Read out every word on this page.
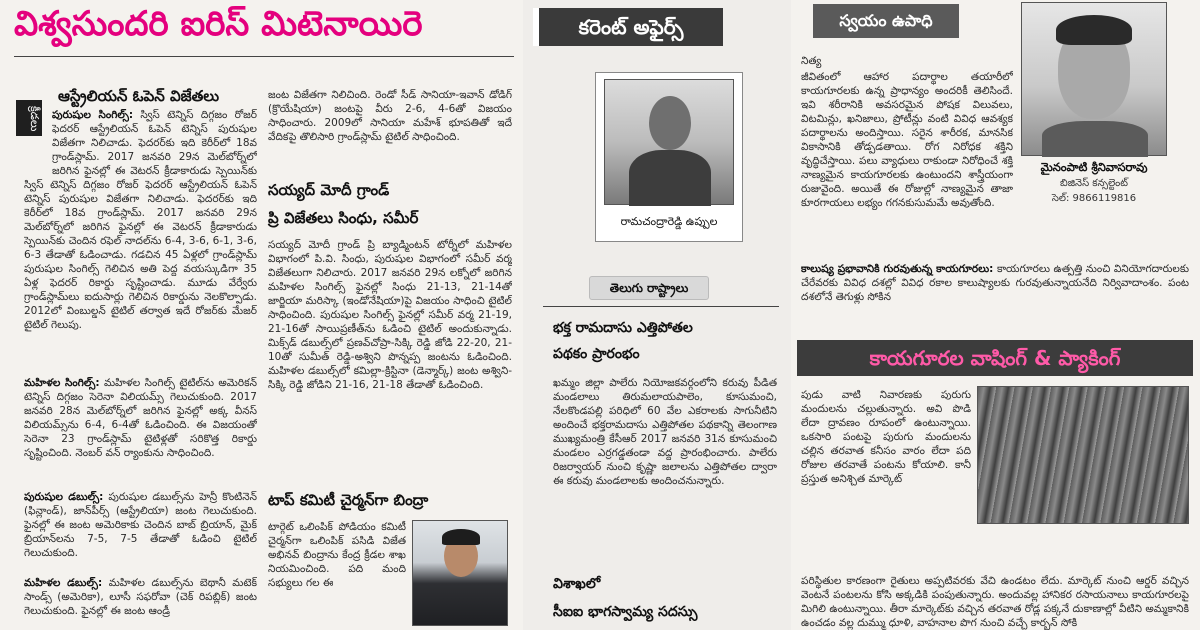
విశ్వసుందరి ఐరిస్ మిటెనాయిరె
క్రీడలు
ఆస్ట్రేలియన్ ఓపెన్ విజేతలు
పురుషుల సింగిల్స్: స్విస్ టెన్నిస్ దిగ్గజం రోజర్ ఫెదరర్ ఆస్ట్రేలియన్ ఓపెన్ టెన్నిస్ పురుషుల విజేతగా నిలిచాడు. ఫెదరర్‌కు ఇది కెరీర్‌లో 18వ గ్రాండ్‌స్లామ్. 2017 జనవరి 29న మెల్‌బోర్న్‌లో జరిగిన ఫైనల్లో ఈ వెటరన్ క్రీడాకారుడు స్పెయిన్‌కు
స్విస్ టెన్నిస్ దిగ్గజం రోజర్ ఫెదరర్ ఆస్ట్రేలియన్ ఓపెన్ టెన్నిస్ పురుషుల విజేతగా నిలిచాడు. ఫెదరర్‌కు ఇది కెరీర్‌లో 18వ గ్రాండ్‌స్లామ్. 2017 జనవరి 29న మెల్‌బోర్న్‌లో జరిగిన ఫైనల్లో ఈ వెటరన్ క్రీడాకారుడు స్పెయిన్‌కు చెందిన రఫెల్ నాదల్‌ను 6-4, 3-6, 6-1, 3-6, 6-3 తేడాతో ఓడించాడు. గడచిన 45 ఏళ్లలో గ్రాండ్‌స్లామ్ పురుషుల సింగిల్స్ గెలిచిన అతి పెద్ద వయస్కుడిగా 35 ఏళ్ల ఫెదరర్ రికార్డు సృష్టించాడు. మూడు వేర్వేరు గ్రాండ్‌స్లామ్‌లు ఐదుసార్లు గెలిచిన రికార్డును నెలకొల్పాడు. 2012లో వింబుల్డన్ టైటిల్ తర్వాత ఇదే రోజర్‌కు మేజర్ టైటిల్ గెలుపు.
మహిళల సింగిల్స్: మహిళల సింగిల్స్ టైటిల్‌ను అమెరికన్ టెన్నిస్ దిగ్గజం సెరెనా విలియమ్స్ గెలుచుకుంది. 2017 జనవరి 28న మెల్‌బోర్న్‌లో జరిగిన ఫైనల్లో అక్క వీనస్ విలియమ్స్‌ను 6-4, 6-4తో ఓడించింది. ఈ విజయంతో సెరెనా 23 గ్రాండ్‌స్లామ్ టైటిళ్లతో సరికొత్త రికార్డు సృష్టించింది. నెంబర్ వన్ ర్యాంకును సాధించింది.
పురుషుల డబుల్స్: పురుషుల డబుల్స్‌ను హెన్రీ కొంటినెన్ (ఫిన్లాండ్), జాన్‌పీర్స్ (ఆస్ట్రేలియా) జంట గెలుచుకుంది. ఫైనల్లో ఈ జంట అమెరికాకు చెందిన బాబ్ బ్రియాన్, మైక్ బ్రియాన్‌లను 7-5, 7-5 తేడాతో ఓడించి టైటిల్ గెలుచుకుంది.
మహిళల డబుల్స్: మహిళల డబుల్స్‌ను బెథానీ మటెక్ సాండ్స్ (అమెరికా), లూసీ సఫరోవా (చెక్ రిపబ్లిక్) జంట గెలుచుకుంది. ఫైనల్లో ఈ జంట ఆండ్రీ
జంట విజేతగా నిలిచింది. రెండో సీడ్ సానియా-ఇవాన్ డోడిగ్ (క్రొయేషియా) జంటపై వీరు 2-6, 4-6తో విజయం సాధించారు. 2009లో సానియా మహేశ్ భూపతితో ఇదే వేదికపై తొలిసారి గ్రాండ్‌స్లామ్ టైటిల్ సాధించింది.
సయ్యద్ మోదీ గ్రాండ్
ప్రి విజేతలు సింధు, సమీర్
సయ్యద్ మోదీ గ్రాండ్ ప్రి బ్యాడ్మింటన్ టోర్నీలో మహిళల విభాగంలో పి.వి. సింధు, పురుషుల విభాగంలో సమీర్ వర్మ విజేతలుగా నిలిచారు. 2017 జనవరి 29న లక్నోలో జరిగిన మహిళల సింగిల్స్ ఫైనల్లో సింధు 21-13, 21-14తో జార్జియా మరిస్కా (ఇండోనేషియా)పై విజయం సాధించి టైటిల్ సాధించింది. పురుషుల సింగిల్స్ ఫైనల్లో సమీర్ వర్మ 21-19, 21-16తో సాయిప్రణీత్‌ను ఓడించి టైటిల్ అందుకున్నాడు. మిక్స్‌డ్ డబుల్స్‌లో ప్రణవ్‌చోప్రా-సిక్కి రెడ్డి జోడి 22-20, 21-10తో సుమీత్ రెడ్డి-అశ్విని పొన్నప్ప జంటను ఓడించింది. మహిళల డబుల్స్‌లో కమిల్లా-క్రిస్టినా (డెన్మార్క్) జంట అశ్విని-సిక్కి రెడ్డి జోడిని 21-16, 21-18 తేడాతో ఓడించింది.
టాప్ కమిటీ చైర్మన్‌గా బింద్రా
టార్గెట్ ఒలింపిక్ పోడియం కమిటీ చైర్మన్‌గా ఒలింపిక్ పసిడి విజేత అభినవ్ బింద్రాను కేంద్ర క్రీడల శాఖ నియమించింది. పది మంది సభ్యులు గల ఈ
కరెంట్ అఫైర్స్
రామచంద్రారెడ్డి ఉప్పుల
తెలుగు రాష్ట్రాలు
భక్త రామదాసు ఎత్తిపోతల
పథకం ప్రారంభం
ఖమ్మం జిల్లా పాలేరు నియోజకవర్గంలోని కరువు పీడిత మండలాలు తిరుమలాయపాలెం, కూసుమంచి, నేలకొండపల్లి పరిధిలో 60 వేల ఎకరాలకు సాగునీటిని అందించే భక్తరామదాసు ఎత్తిపోతల పథకాన్ని తెలంగాణ ముఖ్యమంత్రి కేసీఆర్ 2017 జనవరి 31న కూసుమంచి మండలం ఎర్రగడ్డతండా వద్ద ప్రారంభించారు. పాలేరు రిజర్వాయర్ నుంచి కృష్ణా జలాలను ఎత్తిపోతల ద్వారా ఈ కరువు మండలాలకు అందించనున్నారు.
విశాఖలో
సీఐఐ భాగస్వామ్య సదస్సు
స్వయం ఉపాధి
మైనంపాటి శ్రీనివాసరావు
బిజినెస్ కన్సల్టెంట్
సెల్: 9866119816
నిత్య
జీవితంలో ఆహార పదార్థాల తయారీలో కాయగూరలకు ఉన్న ప్రాధాన్యం అందరికీ తెలిసిందే. ఇవి శరీరానికి అవసరమైన పోషక విలువలు, విటమిన్లు, ఖనిజాలు, ప్రోటీన్లు వంటి వివిధ ఆవశ్యక పదార్థాలను అందిస్తాయి. సరైన శారీరక, మానసిక వికాసానికి తోడ్పడతాయి. రోగ నిరోధక శక్తిని వృద్ధిచేస్తాయి. పలు వ్యాధులు రాకుండా నిరోధించే శక్తి నాణ్యమైన కాయగూరలకు ఉంటుందని శాస్త్రీయంగా రుజువైంది. అయితే ఈ రోజుల్లో నాణ్యమైన తాజా కూరగాయలు లభ్యం గగనకుసుమమే అవుతోంది.
కాలుష్య ప్రభావానికి గురవుతున్న కాయగూరలు: కాయగూరలు ఉత్పత్తి నుంచి వినియోగదారులకు చేరేవరకు వివిధ దశల్లో వివిధ రకాల కాలుష్యాలకు గురవుతున్నాయనేది నిర్వివాదాంశం. పంట దశలోనే తెగుళ్లు సోకిన
కాయగూరల వాషింగ్ & ప్యాకింగ్
పుడు వాటి నివారణకు పురుగు మందులను చల్లుతున్నారు. అవి పొడి లేదా ద్రావణం రూపంలో ఉంటున్నాయి. ఒకసారి పంటపై పురుగు మందులను చల్లిన తరవాత కనీసం వారం లేదా పది రోజుల తరవాతే పంటను కోయాలి. కానీ ప్రస్తుత అనిశ్చిత మార్కెట్
పరిస్థితుల కారణంగా రైతులు అప్పటివరకు వేచి ఉండటం లేదు. మార్కెట్ నుంచి ఆర్డర్ వచ్చిన వెంటనే పంటలను కోసి అక్కడికి పంపుతున్నారు. అందువల్ల హానికర రసాయనాలు కాయగూరలపై మిగిలి ఉంటున్నాయి. తీరా మార్కెట్‌కు వచ్చిన తరవాత రోడ్ల పక్కనే దుకాణాల్లో వీటిని అమ్మకానికి ఉంచడం వల్ల దుమ్ము ధూళి, వాహనాల పొగ నుంచి వచ్చే కార్బన్ సోకి
